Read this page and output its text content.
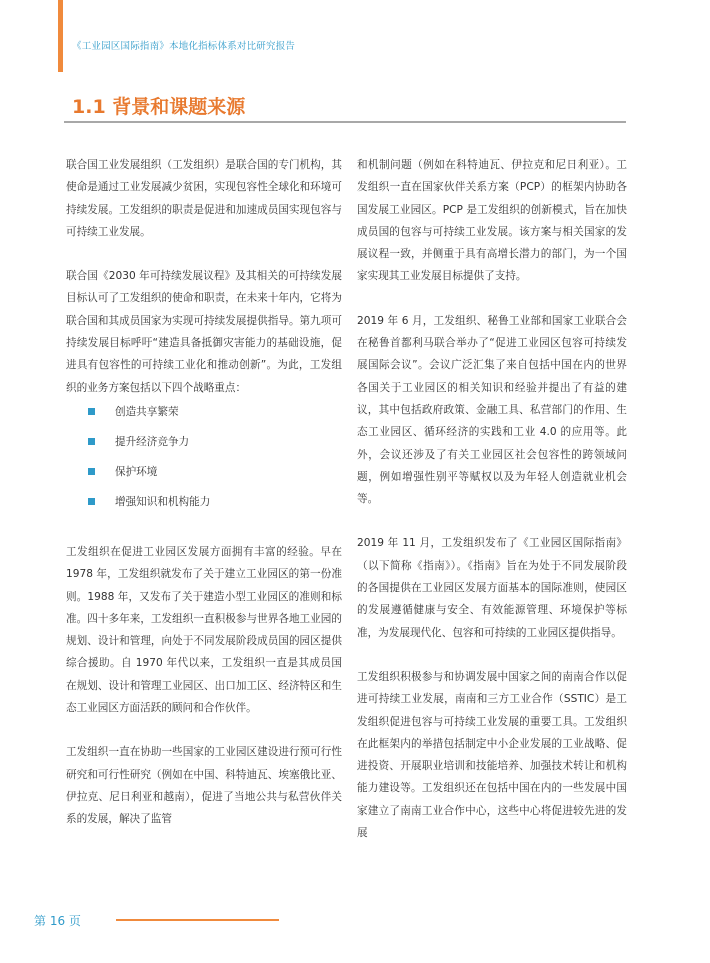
《工业园区国际指南》本地化指标体系对比研究报告
1.1 背景和课题来源

联合国工业发展组织（工发组织）是联合国的专门机构，其使命是通过工业发展减少贫困，实现包容性全球化和环境可持续发展。工发组织的职责是促进和加速成员国实现包容与可持续工业发展。

联合国《2030 年可持续发展议程》及其相关的可持续发展目标认可了工发组织的使命和职责，在未来十年内，它将为联合国和其成员国家为实现可持续发展提供指导。第九项可持续发展目标呼吁“建造具备抵御灾害能力的基础设施，促进具有包容性的可持续工业化和推动创新”。为此，工发组织的业务方案包括以下四个战略重点：

创造共享繁荣
提升经济竞争力
保护环境
增强知识和机构能力

工发组织在促进工业园区发展方面拥有丰富的经验。早在 1978 年，工发组织就发布了关于建立工业园区的第一份准则。1988 年，又发布了关于建造小型工业园区的准则和标准。四十多年来，工发组织一直积极参与世界各地工业园的规划、设计和管理，向处于不同发展阶段成员国的园区提供综合援助。自 1970 年代以来，工发组织一直是其成员国在规划、设计和管理工业园区、出口加工区、经济特区和生态工业园区方面活跃的顾问和合作伙伴。

工发组织一直在协助一些国家的工业园区建设进行预可行性研究和可行性研究（例如在中国、科特迪瓦、埃塞俄比亚、伊拉克、尼日利亚和越南），促进了当地公共与私营伙伴关系的发展，解决了监管

和机制问题（例如在科特迪瓦、伊拉克和尼日利亚）。工发组织一直在国家伙伴关系方案（PCP）的框架内协助各国发展工业园区。PCP 是工发组织的创新模式，旨在加快成员国的包容与可持续工业发展。该方案与相关国家的发展议程一致，并侧重于具有高增长潜力的部门，为一个国家实现其工业发展目标提供了支持。

2019 年 6 月，工发组织、秘鲁工业部和国家工业联合会在秘鲁首都利马联合举办了“促进工业园区包容可持续发展国际会议”。会议广泛汇集了来自包括中国在内的世界各国关于工业园区的相关知识和经验并提出了有益的建议，其中包括政府政策、金融工具、私营部门的作用、生态工业园区、循环经济的实践和工业 4.0 的应用等。此外，会议还涉及了有关工业园区社会包容性的跨领域问题，例如增强性别平等赋权以及为年轻人创造就业机会等。

2019 年 11 月，工发组织发布了《工业园区国际指南》（以下简称《指南》）。《指南》旨在为处于不同发展阶段的各国提供在工业园区发展方面基本的国际准则，使园区的发展遵循健康与安全、有效能源管理、环境保护等标准，为发展现代化、包容和可持续的工业园区提供指导。

工发组织积极参与和协调发展中国家之间的南南合作以促进可持续工业发展，南南和三方工业合作（SSTIC）是工发组织促进包容与可持续工业发展的重要工具。工发组织在此框架内的举措包括制定中小企业发展的工业战略、促进投资、开展职业培训和技能培养、加强技术转让和机构能力建设等。工发组织还在包括中国在内的一些发展中国家建立了南南工业合作中心，这些中心将促进较先进的发展

第 16 页
